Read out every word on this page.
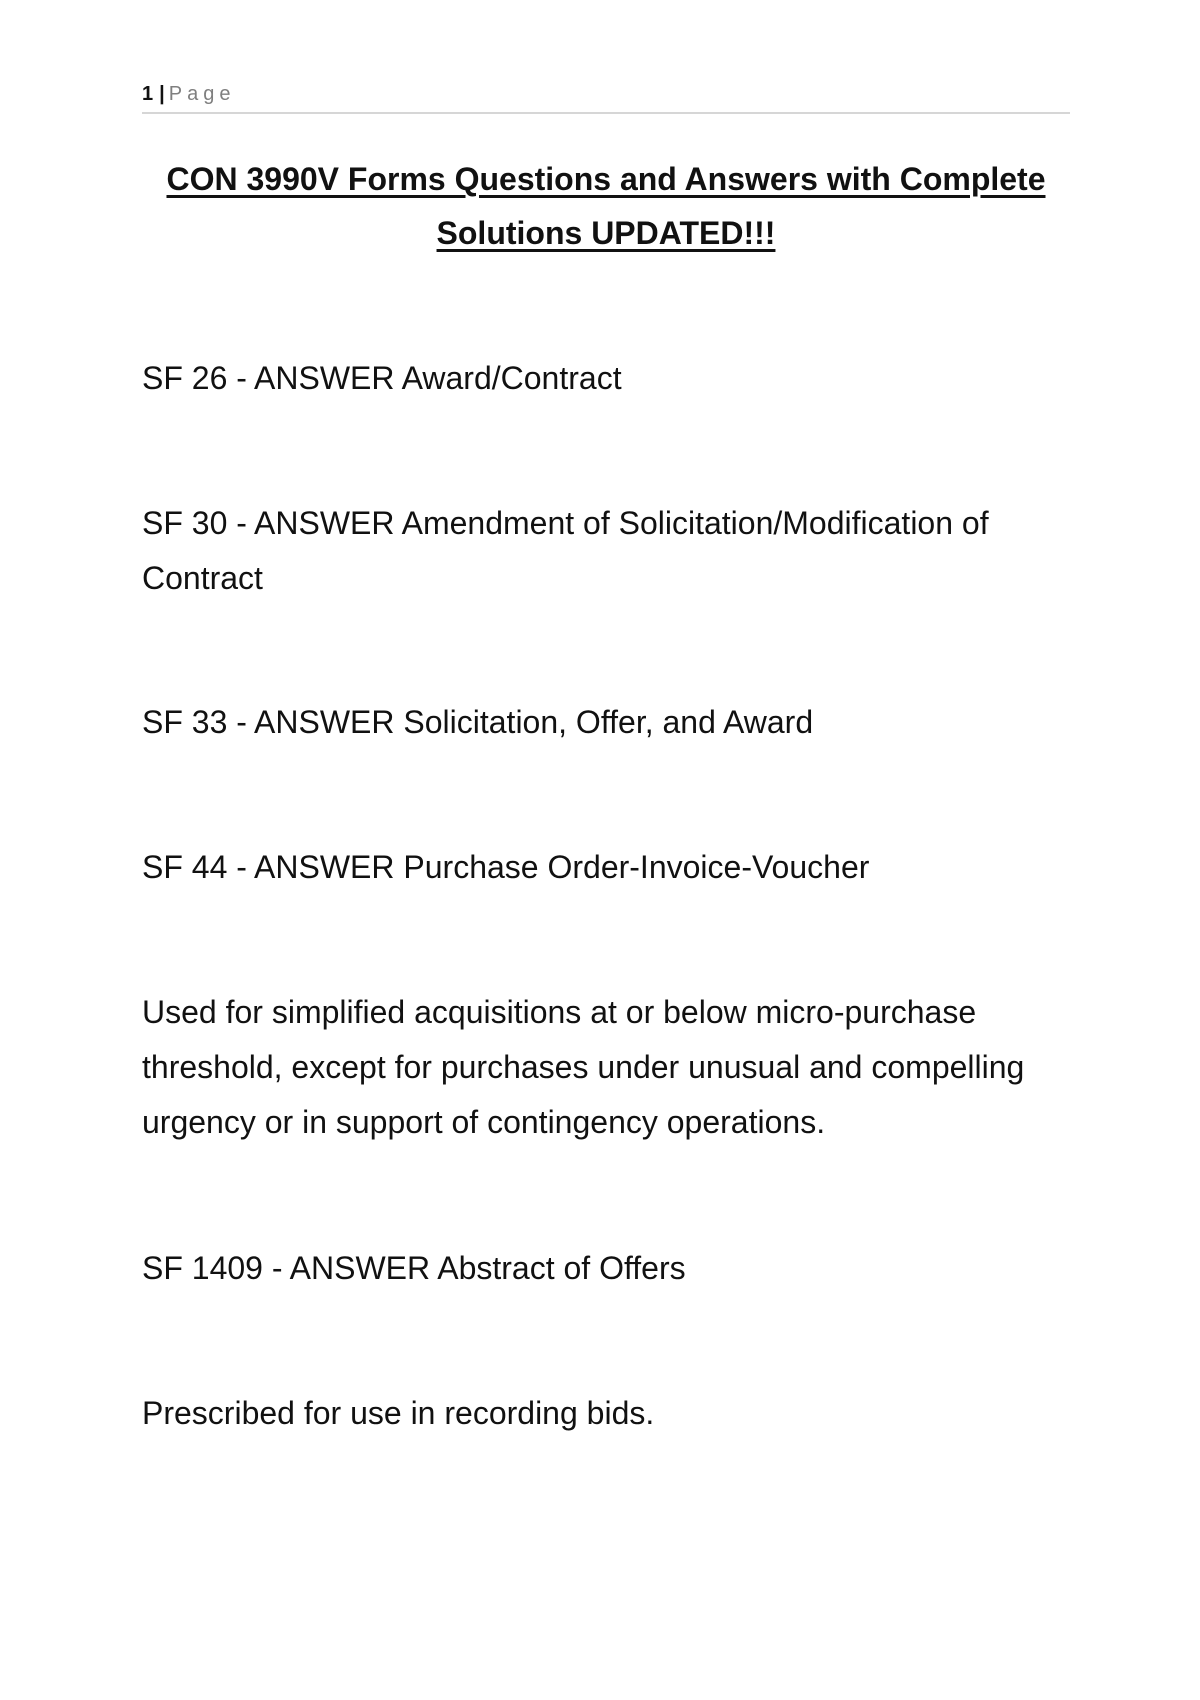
1 | Page
CON 3990V Forms Questions and Answers with Complete Solutions UPDATED!!!

SF 26 - ANSWER Award/Contract

SF 30 - ANSWER Amendment of Solicitation/Modification of Contract

SF 33 - ANSWER Solicitation, Offer, and Award

SF 44 - ANSWER Purchase Order-Invoice-Voucher

Used for simplified acquisitions at or below micro-purchase threshold, except for purchases under unusual and compelling urgency or in support of contingency operations.

SF 1409 - ANSWER Abstract of Offers

Prescribed for use in recording bids.
